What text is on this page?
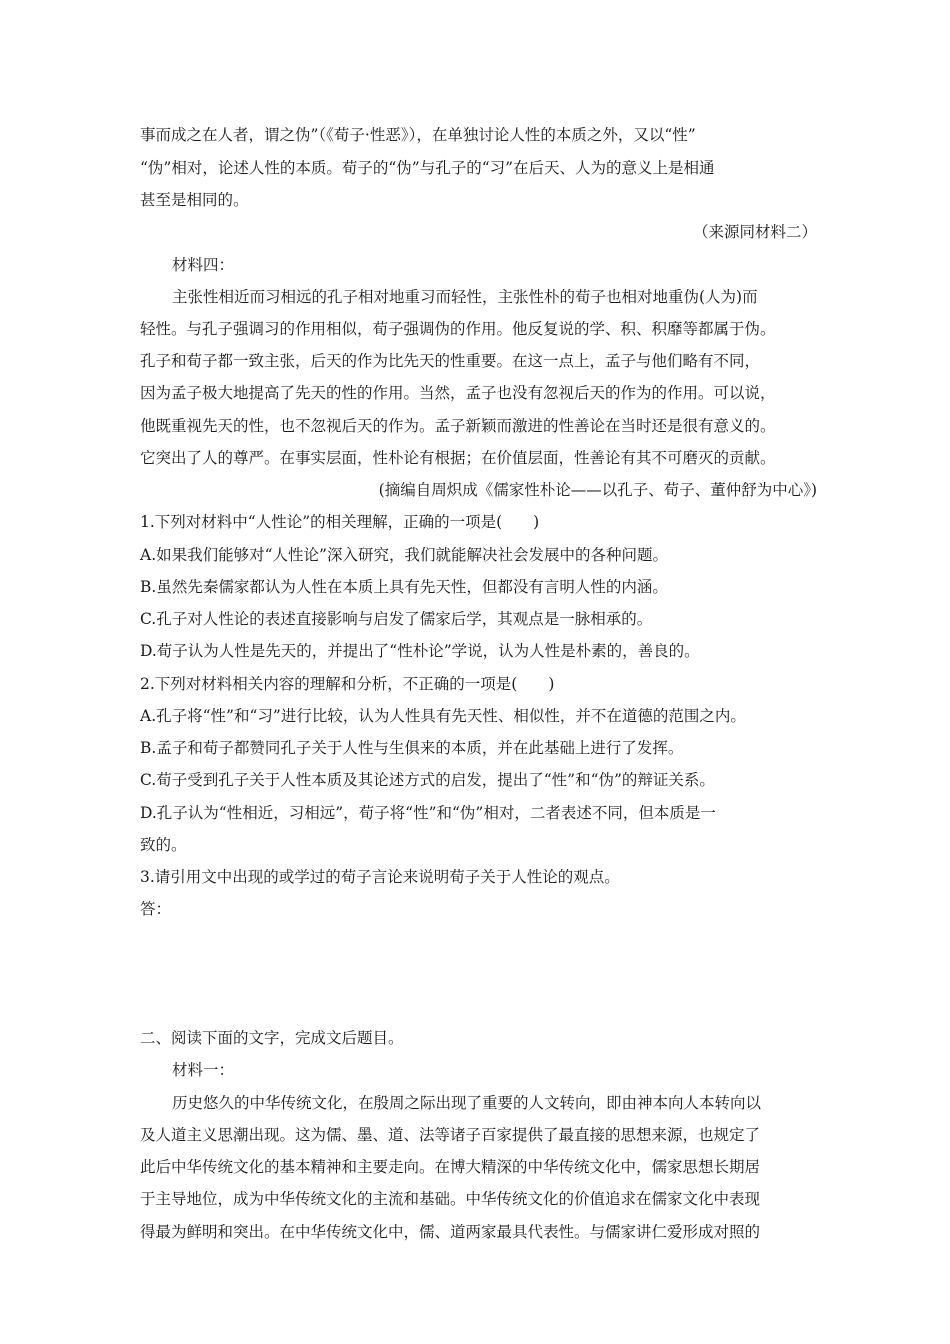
事而成之在人者，谓之伪”（《荀子·性恶》），在单独讨论人性的本质之外，又以“性”
“伪”相对，论述人性的本质。荀子的“伪”与孔子的“习”在后天、人为的意义上是相通
甚至是相同的。
（来源同材料二）
材料四：
主张性相近而习相远的孔子相对地重习而轻性，主张性朴的荀子也相对地重伪(人为)而
轻性。与孔子强调习的作用相似，荀子强调伪的作用。他反复说的学、积、积靡等都属于伪。
孔子和荀子都一致主张，后天的作为比先天的性重要。在这一点上，孟子与他们略有不同，
因为孟子极大地提高了先天的性的作用。当然，孟子也没有忽视后天的作为的作用。可以说，
他既重视先天的性，也不忽视后天的作为。孟子新颖而激进的性善论在当时还是很有意义的。
它突出了人的尊严。在事实层面，性朴论有根据；在价值层面，性善论有其不可磨灭的贡献。
(摘编自周炽成《儒家性朴论——以孔子、荀子、董仲舒为中心》)
1.下列对材料中“人性论”的相关理解，正确的一项是(　　)
A.如果我们能够对“人性论”深入研究，我们就能解决社会发展中的各种问题。
B.虽然先秦儒家都认为人性在本质上具有先天性，但都没有言明人性的内涵。
C.孔子对人性论的表述直接影响与启发了儒家后学，其观点是一脉相承的。
D.荀子认为人性是先天的，并提出了“性朴论”学说，认为人性是朴素的，善良的。
2.下列对材料相关内容的理解和分析，不正确的一项是(　　)
A.孔子将“性”和“习”进行比较，认为人性具有先天性、相似性，并不在道德的范围之内。
B.孟子和荀子都赞同孔子关于人性与生俱来的本质，并在此基础上进行了发挥。
C.荀子受到孔子关于人性本质及其论述方式的启发，提出了“性”和“伪”的辩证关系。
D.孔子认为“性相近，习相远”，荀子将“性”和“伪”相对，二者表述不同，但本质是一
致的。
3.请引用文中出现的或学过的荀子言论来说明荀子关于人性论的观点。
答：
二、阅读下面的文字，完成文后题目。
材料一：
历史悠久的中华传统文化，在殷周之际出现了重要的人文转向，即由神本向人本转向以
及人道主义思潮出现。这为儒、墨、道、法等诸子百家提供了最直接的思想来源，也规定了
此后中华传统文化的基本精神和主要走向。在博大精深的中华传统文化中，儒家思想长期居
于主导地位，成为中华传统文化的主流和基础。中华传统文化的价值追求在儒家文化中表现
得最为鲜明和突出。在中华传统文化中，儒、道两家最具代表性。与儒家讲仁爱形成对照的
